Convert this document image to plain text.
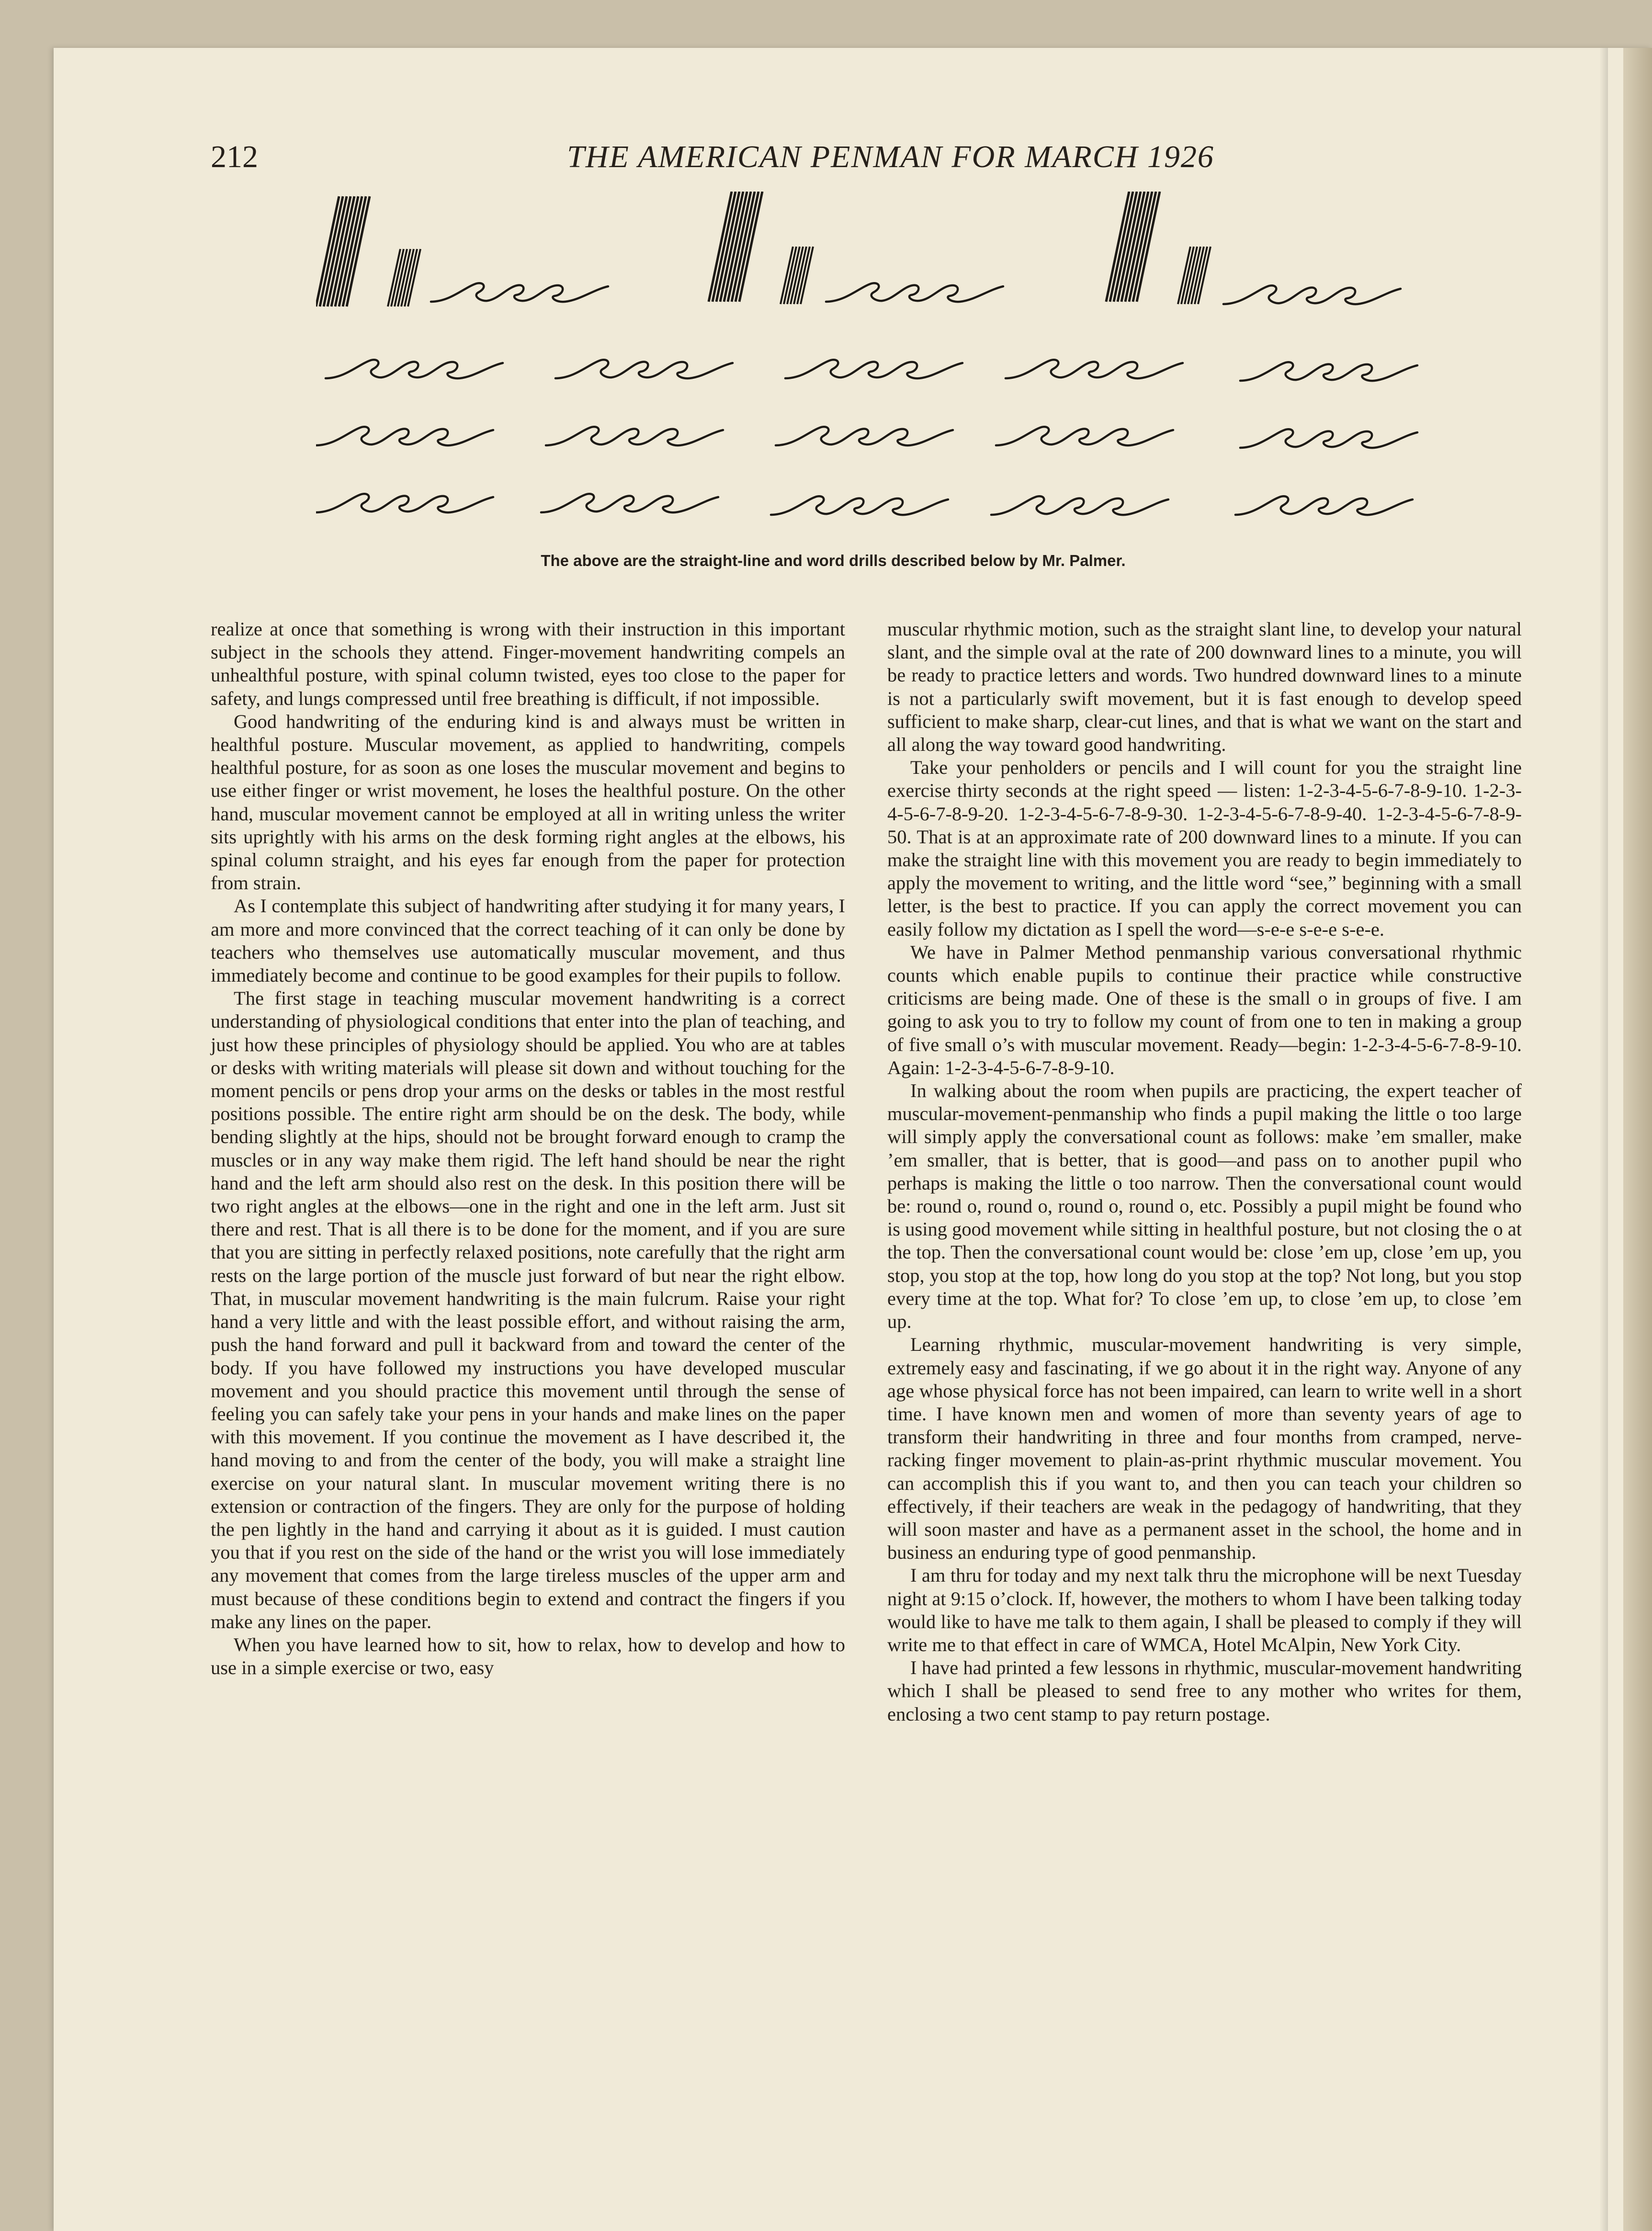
212	THE AMERICAN PENMAN FOR MARCH 1926
The above are the straight-line and word drills described below by Mr. Palmer.

realize at once that something is wrong with their instruction in this important subject in the schools they attend. Finger-movement handwriting compels an unhealthful posture, with spinal column twisted, eyes too close to the paper for safety, and lungs compressed until free breathing is difficult, if not impossible.

Good handwriting of the enduring kind is and always must be written in healthful posture. Muscular movement, as applied to handwriting, compels healthful posture, for as soon as one loses the muscular movement and begins to use either finger or wrist movement, he loses the healthful posture. On the other hand, muscular movement cannot be employed at all in writing unless the writer sits uprightly with his arms on the desk forming right angles at the elbows, his spinal column straight, and his eyes far enough from the paper for protection from strain.

As I contemplate this subject of handwriting after studying it for many years, I am more and more convinced that the correct teaching of it can only be done by teachers who themselves use automatically muscular movement, and thus immediately become and continue to be good examples for their pupils to follow.

The first stage in teaching muscular movement handwriting is a correct understanding of physiological conditions that enter into the plan of teaching, and just how these principles of physiology should be applied. You who are at tables or desks with writing materials will please sit down and without touching for the moment pencils or pens drop your arms on the desks or tables in the most restful positions possible. The entire right arm should be on the desk. The body, while bending slightly at the hips, should not be brought forward enough to cramp the muscles or in any way make them rigid. The left hand should be near the right hand and the left arm should also rest on the desk. In this position there will be two right angles at the elbows—one in the right and one in the left arm. Just sit there and rest. That is all there is to be done for the moment, and if you are sure that you are sitting in perfectly relaxed positions, note carefully that the right arm rests on the large portion of the muscle just forward of but near the right elbow. That, in muscular movement handwriting is the main fulcrum. Raise your right hand a very little and with the least possible effort, and without raising the arm, push the hand forward and pull it backward from and toward the center of the body. If you have followed my instructions you have developed muscular movement and you should practice this movement until through the sense of feeling you can safely take your pens in your hands and make lines on the paper with this movement. If you continue the movement as I have described it, the hand moving to and from the center of the body, you will make a straight line exercise on your natural slant. In muscular movement writing there is no extension or contraction of the fingers. They are only for the purpose of holding the pen lightly in the hand and carrying it about as it is guided. I must caution you that if you rest on the side of the hand or the wrist you will lose immediately any movement that comes from the large tireless muscles of the upper arm and must because of these conditions begin to extend and contract the fingers if you make any lines on the paper.

When you have learned how to sit, how to relax, how to develop and how to use in a simple exercise or two, easy

muscular rhythmic motion, such as the straight slant line, to develop your natural slant, and the simple oval at the rate of 200 downward lines to a minute, you will be ready to practice letters and words. Two hundred downward lines to a minute is not a particularly swift movement, but it is fast enough to develop speed sufficient to make sharp, clear-cut lines, and that is what we want on the start and all along the way toward good handwriting.

Take your penholders or pencils and I will count for you the straight line exercise thirty seconds at the right speed — listen: 1-2-3-4-5-6-7-8-9-10. 1-2-3-4-5-6-7-8-9-20. 1-2-3-4-5-6-7-8-9-30. 1-2-3-4-5-6-7-8-9-40. 1-2-3-4-5-6-7-8-9-50. That is at an approximate rate of 200 downward lines to a minute. If you can make the straight line with this movement you are ready to begin immediately to apply the movement to writing, and the little word “see,” beginning with a small letter, is the best to practice. If you can apply the correct movement you can easily follow my dictation as I spell the word—s-e-e s-e-e s-e-e.

We have in Palmer Method penmanship various conversational rhythmic counts which enable pupils to continue their practice while constructive criticisms are being made. One of these is the small o in groups of five. I am going to ask you to try to follow my count of from one to ten in making a group of five small o’s with muscular movement. Ready—begin: 1-2-3-4-5-6-7-8-9-10. Again: 1-2-3-4-5-6-7-8-9-10.

In walking about the room when pupils are practicing, the expert teacher of muscular-movement-penmanship who finds a pupil making the little o too large will simply apply the conversational count as follows: make ’em smaller, make ’em smaller, that is better, that is good—and pass on to another pupil who perhaps is making the little o too narrow. Then the conversational count would be: round o, round o, round o, round o, etc. Possibly a pupil might be found who is using good movement while sitting in healthful posture, but not closing the o at the top. Then the conversational count would be: close ’em up, close ’em up, you stop, you stop at the top, how long do you stop at the top? Not long, but you stop every time at the top. What for? To close ’em up, to close ’em up, to close ’em up.

Learning rhythmic, muscular-movement handwriting is very simple, extremely easy and fascinating, if we go about it in the right way. Anyone of any age whose physical force has not been impaired, can learn to write well in a short time. I have known men and women of more than seventy years of age to transform their handwriting in three and four months from cramped, nerve-racking finger movement to plain-as-print rhythmic muscular movement. You can accomplish this if you want to, and then you can teach your children so effectively, if their teachers are weak in the pedagogy of handwriting, that they will soon master and have as a permanent asset in the school, the home and in business an enduring type of good penmanship.

I am thru for today and my next talk thru the microphone will be next Tuesday night at 9:15 o’clock. If, however, the mothers to whom I have been talking today would like to have me talk to them again, I shall be pleased to comply if they will write me to that effect in care of WMCA, Hotel McAlpin, New York City.

I have had printed a few lessons in rhythmic, muscular-movement handwriting which I shall be pleased to send free to any mother who writes for them, enclosing a two cent stamp to pay return postage.
